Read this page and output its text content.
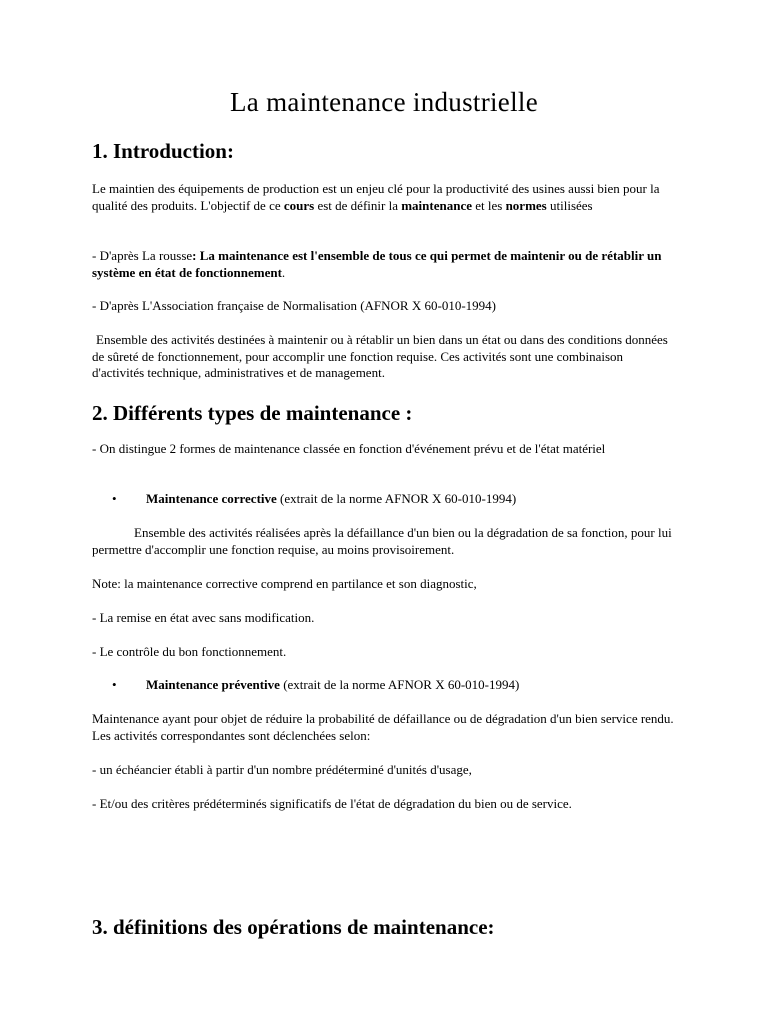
La maintenance industrielle
1. Introduction:

Le maintien des équipements de production est un enjeu clé pour la productivité des usines aussi bien pour la qualité des produits. L'objectif de ce cours est de définir la maintenance et les normes utilisées

- D'après La rousse: La maintenance est l'ensemble de tous ce qui permet de maintenir ou de rétablir un système en état de fonctionnement.

- D'après L'Association française de Normalisation (AFNOR X 60-010-1994)

Ensemble des activités destinées à maintenir ou à rétablir un bien dans un état ou dans des conditions données de sûreté de fonctionnement, pour accomplir une fonction requise. Ces activités sont une combinaison d'activités technique, administratives et de management.

2. Différents types de maintenance :

- On distingue 2 formes de maintenance classée en fonction d'événement prévu et de l'état matériel

• Maintenance corrective (extrait de la norme AFNOR X 60-010-1994)

Ensemble des activités réalisées après la défaillance d'un bien ou la dégradation de sa fonction, pour lui permettre d'accomplir une fonction requise, au moins provisoirement.

Note: la maintenance corrective comprend en partilance et son diagnostic,

- La remise en état avec sans modification.

- Le contrôle du bon fonctionnement.

• Maintenance préventive (extrait de la norme AFNOR X 60-010-1994)

Maintenance ayant pour objet de réduire la probabilité de défaillance ou de dégradation d'un bien service rendu. Les activités correspondantes sont déclenchées selon:

- un échéancier établi à partir d'un nombre prédéterminé d'unités d'usage,

- Et/ou des critères prédéterminés significatifs de l'état de dégradation du bien ou de service.

3. définitions des opérations de maintenance:
